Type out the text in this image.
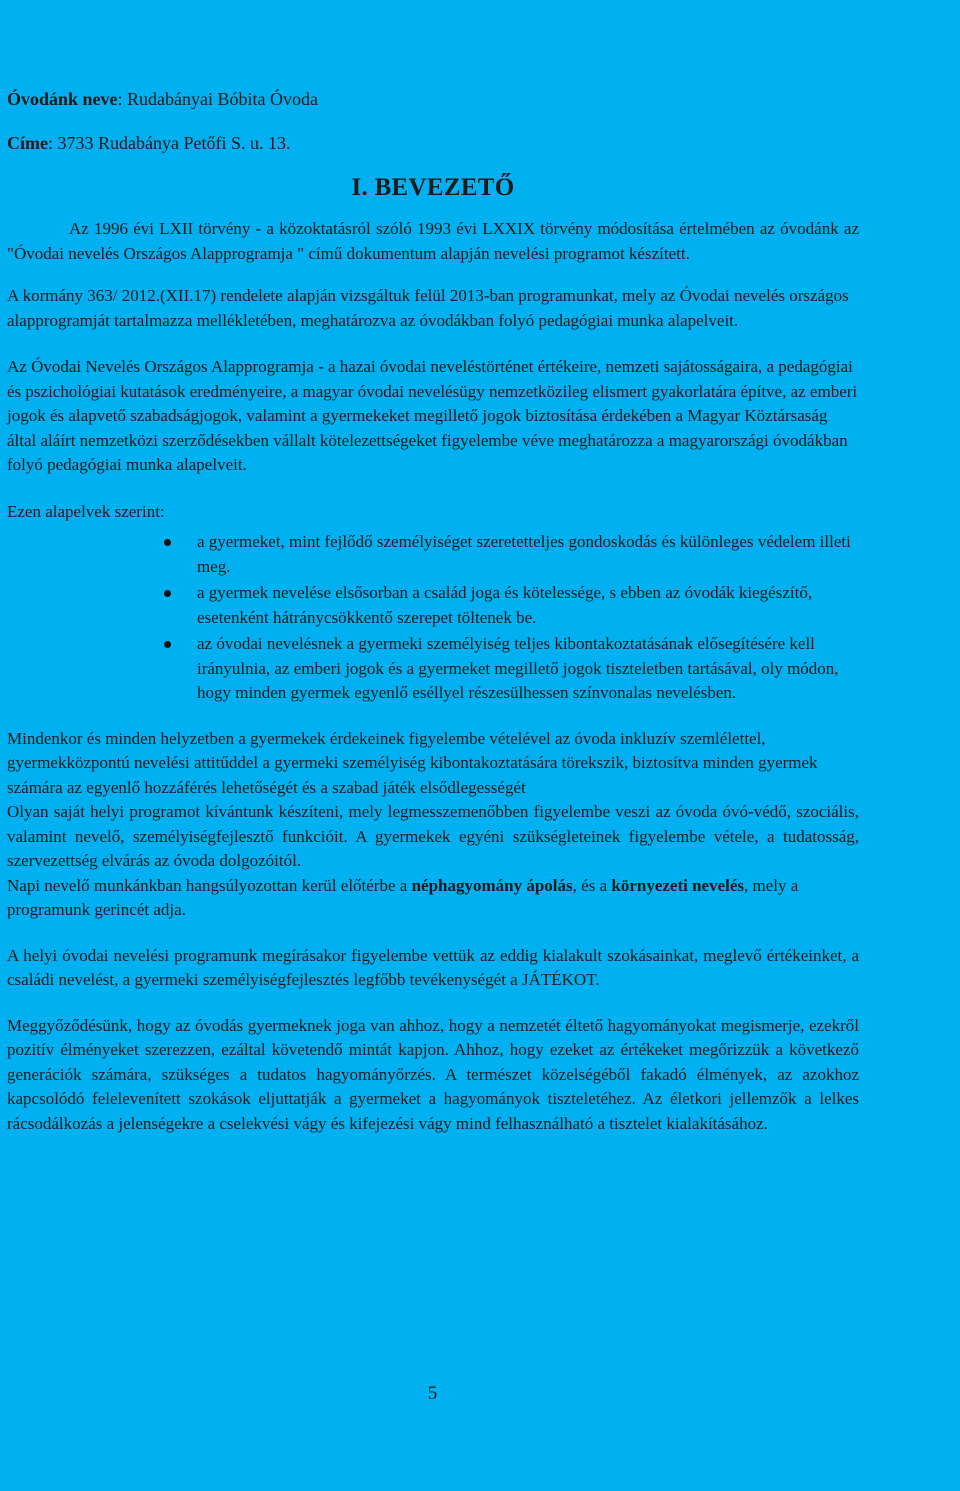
Óvodánk neve: Rudabányai Bóbita Óvoda

Címe: 3733 Rudabánya Petőfi S. u. 13.

I. BEVEZETŐ

Az 1996 évi LXII törvény - a közoktatásról szóló 1993 évi LXXIX törvény módosítása értelmében az óvodánk az "Óvodai nevelés Országos Alapprogramja " című dokumentum alapján nevelési programot készített.

A kormány 363/ 2012.(XII.17) rendelete alapján vizsgáltuk felül 2013-ban programunkat, mely az Óvodai nevelés országos alapprogramját tartalmazza mellékletében, meghatározva az óvodákban folyó pedagógiai munka alapelveit.

Az Óvodai Nevelés Országos Alapprogramja - a hazai óvodai neveléstörténet értékeire, nemzeti sajátosságaira, a pedagógiai és pszichológiai kutatások eredményeire, a magyar óvodai nevelésügy nemzetközileg elismert gyakorlatára építve, az emberi jogok és alapvető szabadságjogok, valamint a gyermekeket megillető jogok biztosítása érdekében a Magyar Köztársaság által aláírt nemzetközi szerződésekben vállalt kötelezettségeket figyelembe véve meghatározza a magyarországi óvodákban folyó pedagógiai munka alapelveit.

Ezen alapelvek szerint:

a gyermeket, mint fejlődő személyiséget szeretetteljes gondoskodás és különleges védelem illeti meg.
a gyermek nevelése elsősorban a család joga és kötelessége, s ebben az óvodák kiegészítő, esetenként hátránycsökkentő szerepet töltenek be.
az óvodai nevelésnek a gyermeki személyiség teljes kibontakoztatásának elősegítésére kell irányulnia, az emberi jogok és a gyermeket megillető jogok tiszteletben tartásával, oly módon, hogy minden gyermek egyenlő eséllyel részesülhessen színvonalas nevelésben.

Mindenkor és minden helyzetben a gyermekek érdekeinek figyelembe vételével az óvoda inkluzív szemlélettel, gyermekközpontú nevelési attitűddel a gyermeki személyiség kibontakoztatására törekszik, biztosítva minden gyermek számára az egyenlő hozzáférés lehetőségét és a szabad játék elsődlegességét

Olyan saját helyi programot kívántunk készíteni, mely legmesszemenőbben figyelembe veszi az óvoda óvó-védő, szociális, valamint nevelő, személyiségfejlesztő funkcióit. A gyermekek egyéni szükségleteinek figyelembe vétele, a tudatosság, szervezettség elvárás az óvoda dolgozóitól.

Napi nevelő munkánkban hangsúlyozottan kerül előtérbe a néphagyomány ápolás, és a környezeti nevelés, mely a programunk gerincét adja.

A helyi óvodai nevelési programunk megírásakor figyelembe vettük az eddig kialakult szokásainkat, meglevő értékeinket, a családi nevelést, a gyermeki személyiségfejlesztés legfőbb tevékenységét a JÁTÉKOT.

Meggyőződésünk, hogy az óvodás gyermeknek joga van ahhoz, hogy a nemzetét éltető hagyományokat megismerje, ezekről pozitív élményeket szerezzen, ezáltal követendő mintát kapjon. Ahhoz, hogy ezeket az értékeket megőrizzük a következő generációk számára, szükséges a tudatos hagyományőrzés. A természet közelségéből fakadó élmények, az azokhoz kapcsolódó felelevenített szokások eljuttatják a gyermeket a hagyományok tiszteletéhez. Az életkori jellemzők a lelkes rácsodálkozás a jelenségekre a cselekvési vágy és kifejezési vágy mind felhasználható a tisztelet kialakításához.

5
